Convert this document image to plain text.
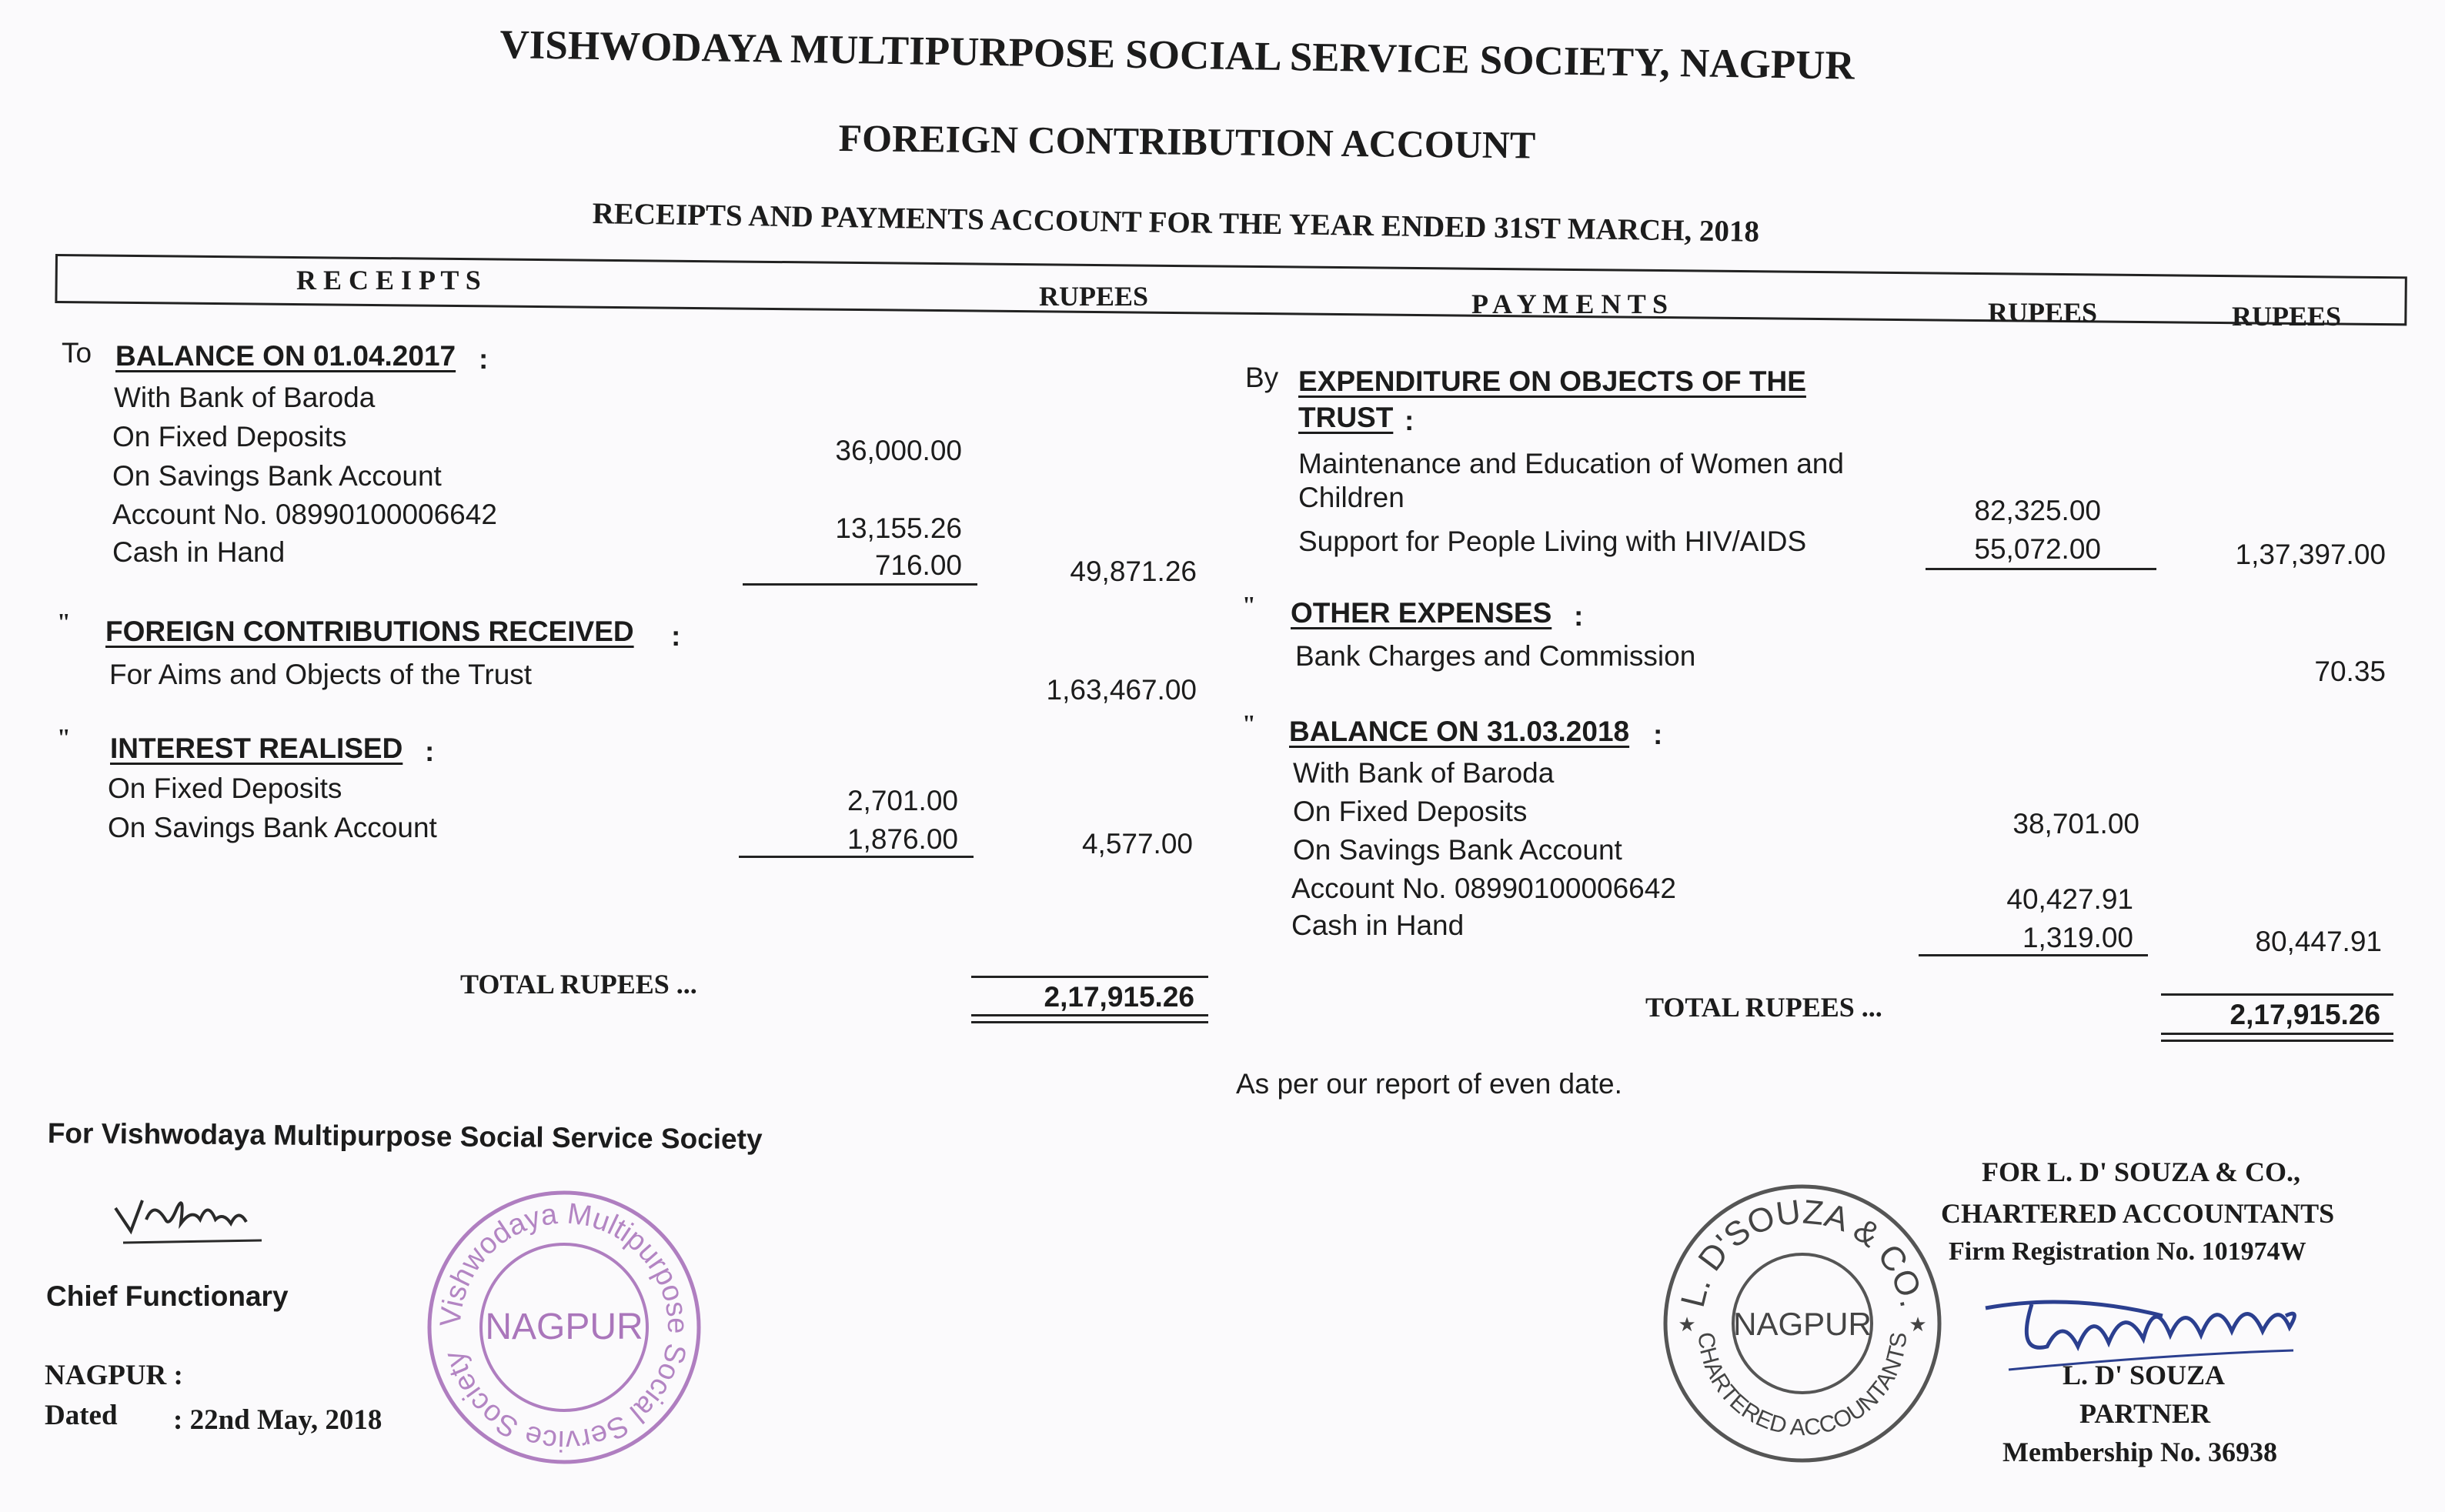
VISHWODAYA MULTIPURPOSE SOCIAL SERVICE SOCIETY, NAGPUR
FOREIGN CONTRIBUTION ACCOUNT
RECEIPTS AND PAYMENTS ACCOUNT FOR THE YEAR ENDED 31ST MARCH, 2018
R E C E I P T S
RUPEES	P A Y M E N T S	RUPEES	RUPEES
To BALANCE ON 01.04.2017 :
With Bank of Baroda
On Fixed Deposits	36,000.00
On Savings Bank Account
Account No. 08990100006642	13,155.26
Cash in Hand	716.00	49,871.26
" FOREIGN CONTRIBUTIONS RECEIVED :
For Aims and Objects of the Trust	1,63,467.00
" INTEREST REALISED :
On Fixed Deposits	2,701.00
On Savings Bank Account	1,876.00	4,577.00
TOTAL RUPEES ...	2,17,915.26
By EXPENDITURE ON OBJECTS OF THE
TRUST :
Maintenance and Education of Women and
Children	82,325.00
Support for People Living with HIV/AIDS	55,072.00	1,37,397.00
" OTHER EXPENSES :
Bank Charges and Commission	70.35
" BALANCE ON 31.03.2018 :
With Bank of Baroda
On Fixed Deposits	38,701.00
On Savings Bank Account
Account No. 08990100006642	40,427.91
Cash in Hand	1,319.00	80,447.91
TOTAL RUPEES ...	2,17,915.26
As per our report of even date.
For Vishwodaya Multipurpose Social Service Society
Chief Functionary
NAGPUR :
Dated : 22nd May, 2018
Vishwodaya Multipurpose Social Service Society
NAGPUR
FOR L. D' SOUZA & CO.,
CHARTERED ACCOUNTANTS
Firm Registration No. 101974W
L. D' SOUZA
PARTNER
Membership No. 36938
L. D'SOUZA & CO.
CHARTERED ACCOUNTANTS
NAGPUR
★	★
